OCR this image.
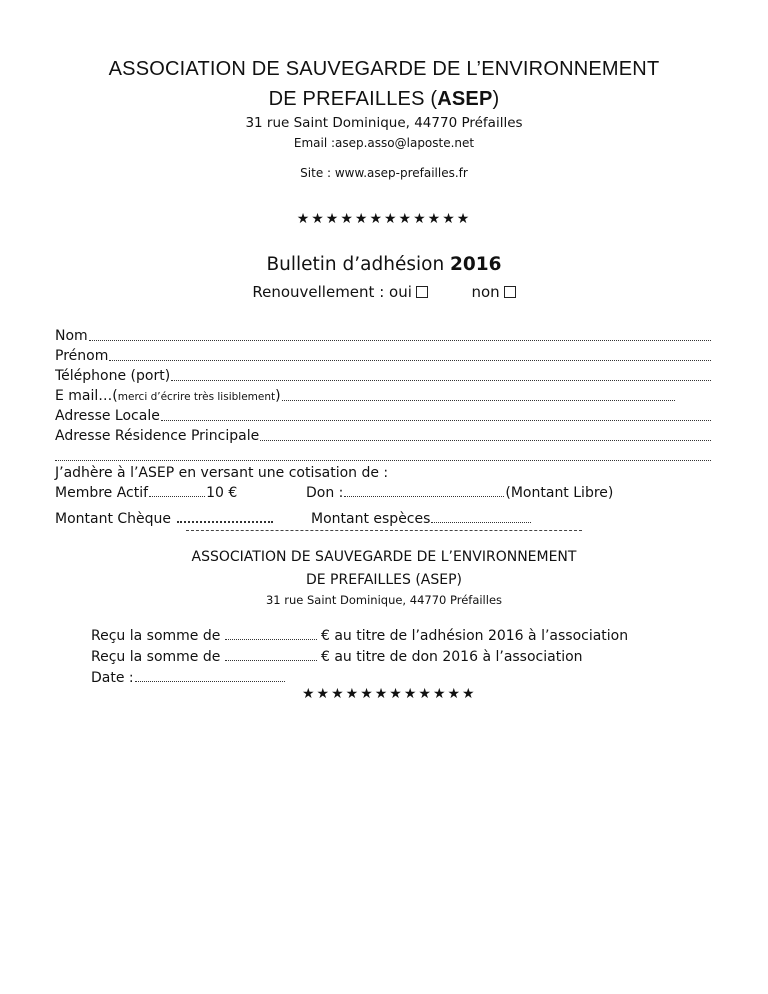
ASSOCIATION DE SAUVEGARDE DE L’ENVIRONNEMENT
DE PREFAILLES (ASEP)
31 rue Saint Dominique, 44770 Préfailles
Email :asep.asso@laposte.net
Site : www.asep-prefailles.fr
★★★★★★★★★★★★
Bulletin d’adhésion 2016
Renouvellement : oui	non
Nom
Prénom
Téléphone (port)
E mail…(merci d’écrire très lisiblement)
Adresse Locale
Adresse Résidence Principale
J’adhère à l’ASEP en versant une cotisation de :
Membre Actif	10 €	Don :	(Montant Libre)
Montant Chèque	Montant espèces
ASSOCIATION DE SAUVEGARDE DE L’ENVIRONNEMENT
DE PREFAILLES (ASEP)
31 rue Saint Dominique, 44770 Préfailles
Reçu la somme de	€ au titre de l’adhésion 2016 à l’association
Reçu la somme de	€ au titre de don 2016 à l’association
Date :
★★★★★★★★★★★★
